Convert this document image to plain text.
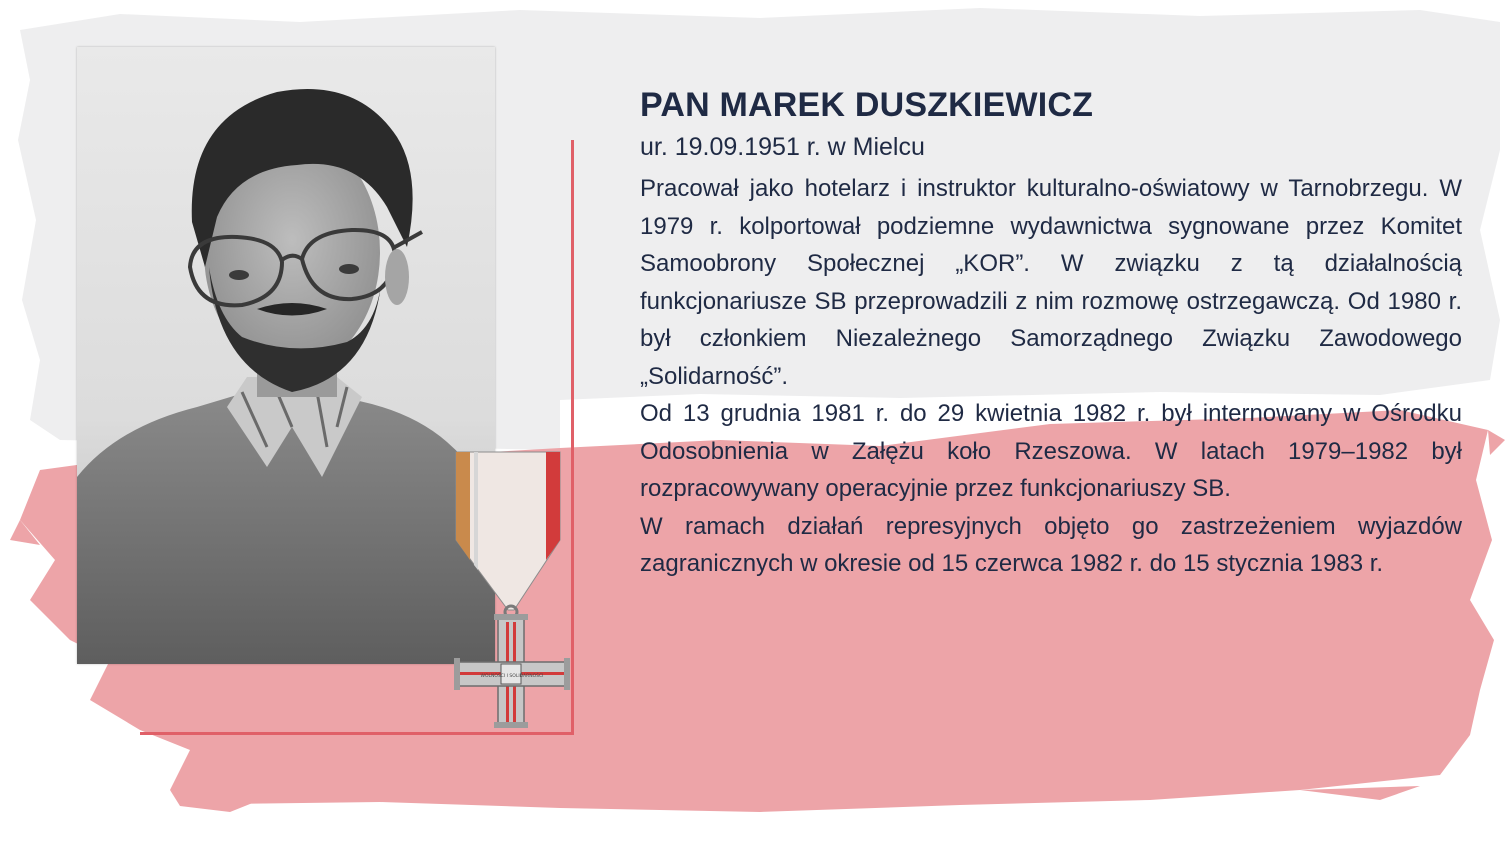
WOLNOŚCI I SOLIDARNOŚCI
PAN MAREK DUSZKIEWICZ
ur. 19.09.1951 r. w Mielcu

Pracował jako hotelarz i instruktor kulturalno-oświatowy w Tarnobrzegu. W 1979 r. kolportował podziemne wydawnictwa sygnowane przez Komitet Samoobrony Społecznej „KOR”. W związku z tą działalnością funkcjonariusze SB przeprowadzili z nim rozmowę ostrzegawczą. Od 1980 r. był członkiem Niezależnego Samorządnego Związku Zawodowego „Solidarność”.

Od 13 grudnia 1981 r. do 29 kwietnia 1982 r. był internowany w Ośrodku Odosobnienia w Załężu koło Rzeszowa. W latach 1979–1982 był rozpracowywany operacyjnie przez funkcjonariuszy SB.

W ramach działań represyjnych objęto go zastrzeżeniem wyjazdów zagranicznych w okresie od 15 czerwca 1982 r. do 15 stycznia 1983 r.
